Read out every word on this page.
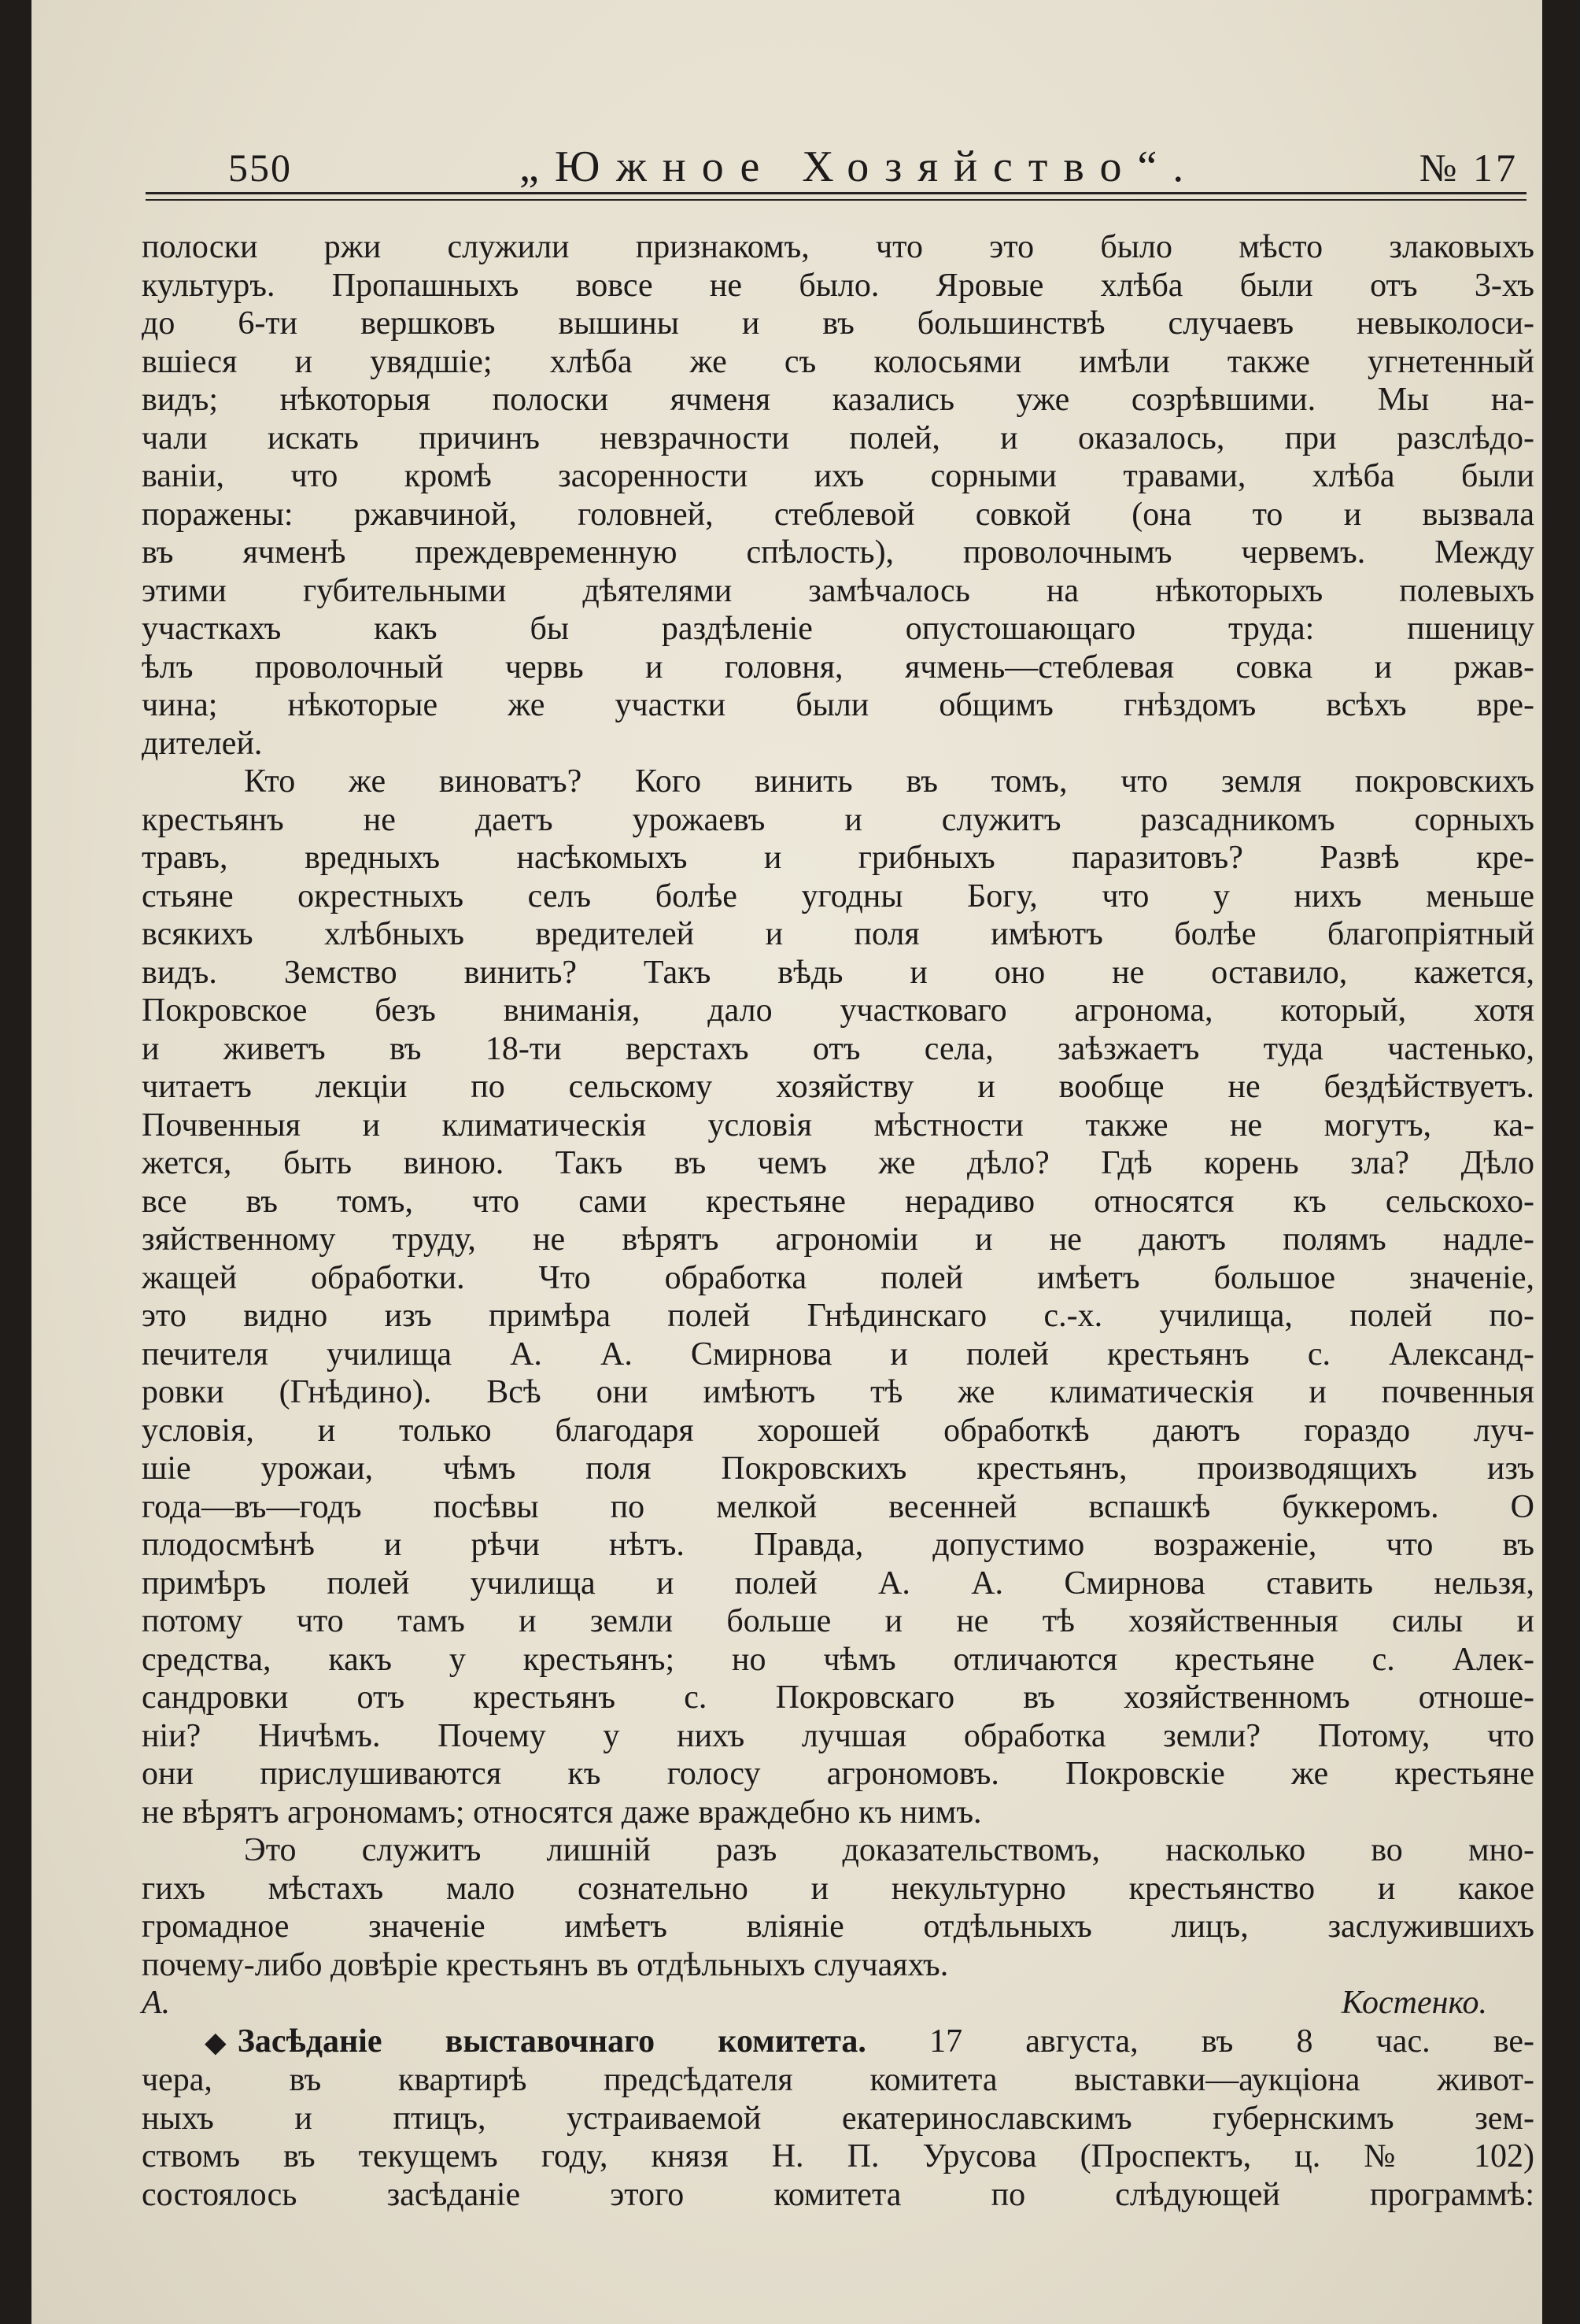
550	„Южное Хозяйство“.	№ 17
полоски ржи служили признакомъ, что это было мѣсто злаковыхъ
культуръ. Пропашныхъ вовсе не было. Яровые хлѣба были отъ 3-хъ
до 6-ти вершковъ вышины и въ большинствѣ случаевъ невыколоси-
вшіеся и увядшіе; хлѣба же съ колосьями имѣли также угнетенный
видъ; нѣкоторыя полоски ячменя казались уже созрѣвшими. Мы на-
чали искать причинъ невзрачности полей, и оказалось, при разслѣдо-
ваніи, что кромѣ засоренности ихъ сорными травами, хлѣба были
поражены: ржавчиной, головней, стеблевой совкой (она то и вызвала
въ ячменѣ преждевременную спѣлость), проволочнымъ червемъ. Между
этими губительными дѣятелями замѣчалось на нѣкоторыхъ полевыхъ
участкахъ какъ бы раздѣленіе опустошающаго труда: пшеницу
ѣлъ проволочный червь и головня, ячмень—стеблевая совка и ржав-
чина; нѣкоторые же участки были общимъ гнѣздомъ всѣхъ вре-
дителей.
Кто же виноватъ? Кого винить въ томъ, что земля покровскихъ
крестьянъ не даетъ урожаевъ и служитъ разсадникомъ сорныхъ
травъ, вредныхъ насѣкомыхъ и грибныхъ паразитовъ? Развѣ кре-
стьяне окрестныхъ селъ болѣе угодны Богу, что у нихъ меньше
всякихъ хлѣбныхъ вредителей и поля имѣютъ болѣе благопріятный
видъ. Земство винить? Такъ вѣдь и оно не оставило, кажется,
Покровское безъ вниманія, дало участковаго агронома, который, хотя
и живетъ въ 18-ти верстахъ отъ села, заѣзжаетъ туда частенько,
читаетъ лекціи по сельскому хозяйству и вообще не бездѣйствуетъ.
Почвенныя и климатическія условія мѣстности также не могутъ, ка-
жется, быть виною. Такъ въ чемъ же дѣло? Гдѣ корень зла? Дѣло
все въ томъ, что сами крестьяне нерадиво относятся къ сельскохо-
зяйственному труду, не вѣрятъ агрономіи и не даютъ полямъ надле-
жащей обработки. Что обработка полей имѣетъ большое значеніе,
это видно изъ примѣра полей Гнѣдинскаго с.-х. училища, полей по-
печителя училища А. А. Смирнова и полей крестьянъ с. Александ-
ровки (Гнѣдино). Всѣ они имѣютъ тѣ же климатическія и почвенныя
условія, и только благодаря хорошей обработкѣ даютъ гораздо луч-
шіе урожаи, чѣмъ поля Покровскихъ крестьянъ, производящихъ изъ
года—въ—годъ посѣвы по мелкой весенней вспашкѣ буккеромъ. О
плодосмѣнѣ и рѣчи нѣтъ. Правда, допустимо возраженіе, что въ
примѣръ полей училища и полей А. А. Смирнова ставить нельзя,
потому что тамъ и земли больше и не тѣ хозяйственныя силы и
средства, какъ у крестьянъ; но чѣмъ отличаются крестьяне с. Алек-
сандровки отъ крестьянъ с. Покровскаго въ хозяйственномъ отноше-
ніи? Ничѣмъ. Почему у нихъ лучшая обработка земли? Потому, что
они прислушиваются къ голосу агрономовъ. Покровскіе же крестьяне
не вѣрятъ агрономамъ; относятся даже враждебно къ нимъ.
Это служитъ лишній разъ доказательствомъ, насколько во мно-
гихъ мѣстахъ мало сознательно и некультурно крестьянство и какое
громадное значеніе имѣетъ вліяніе отдѣльныхъ лицъ, заслужившихъ
почему-либо довѣріе крестьянъ въ отдѣльныхъ случаяхъ.
А. Костенко.
◆ Засѣданіе выставочнаго комитета. 17 августа, въ 8 час. ве-
чера, въ квартирѣ предсѣдателя комитета выставки—аукціона живот-
ныхъ и птицъ, устраиваемой екатеринославскимъ губернскимъ зем-
ствомъ въ текущемъ году, князя Н. П. Урусова (Проспектъ, ц. № 102)
состоялось засѣданіе этого комитета по слѣдующей программѣ:
